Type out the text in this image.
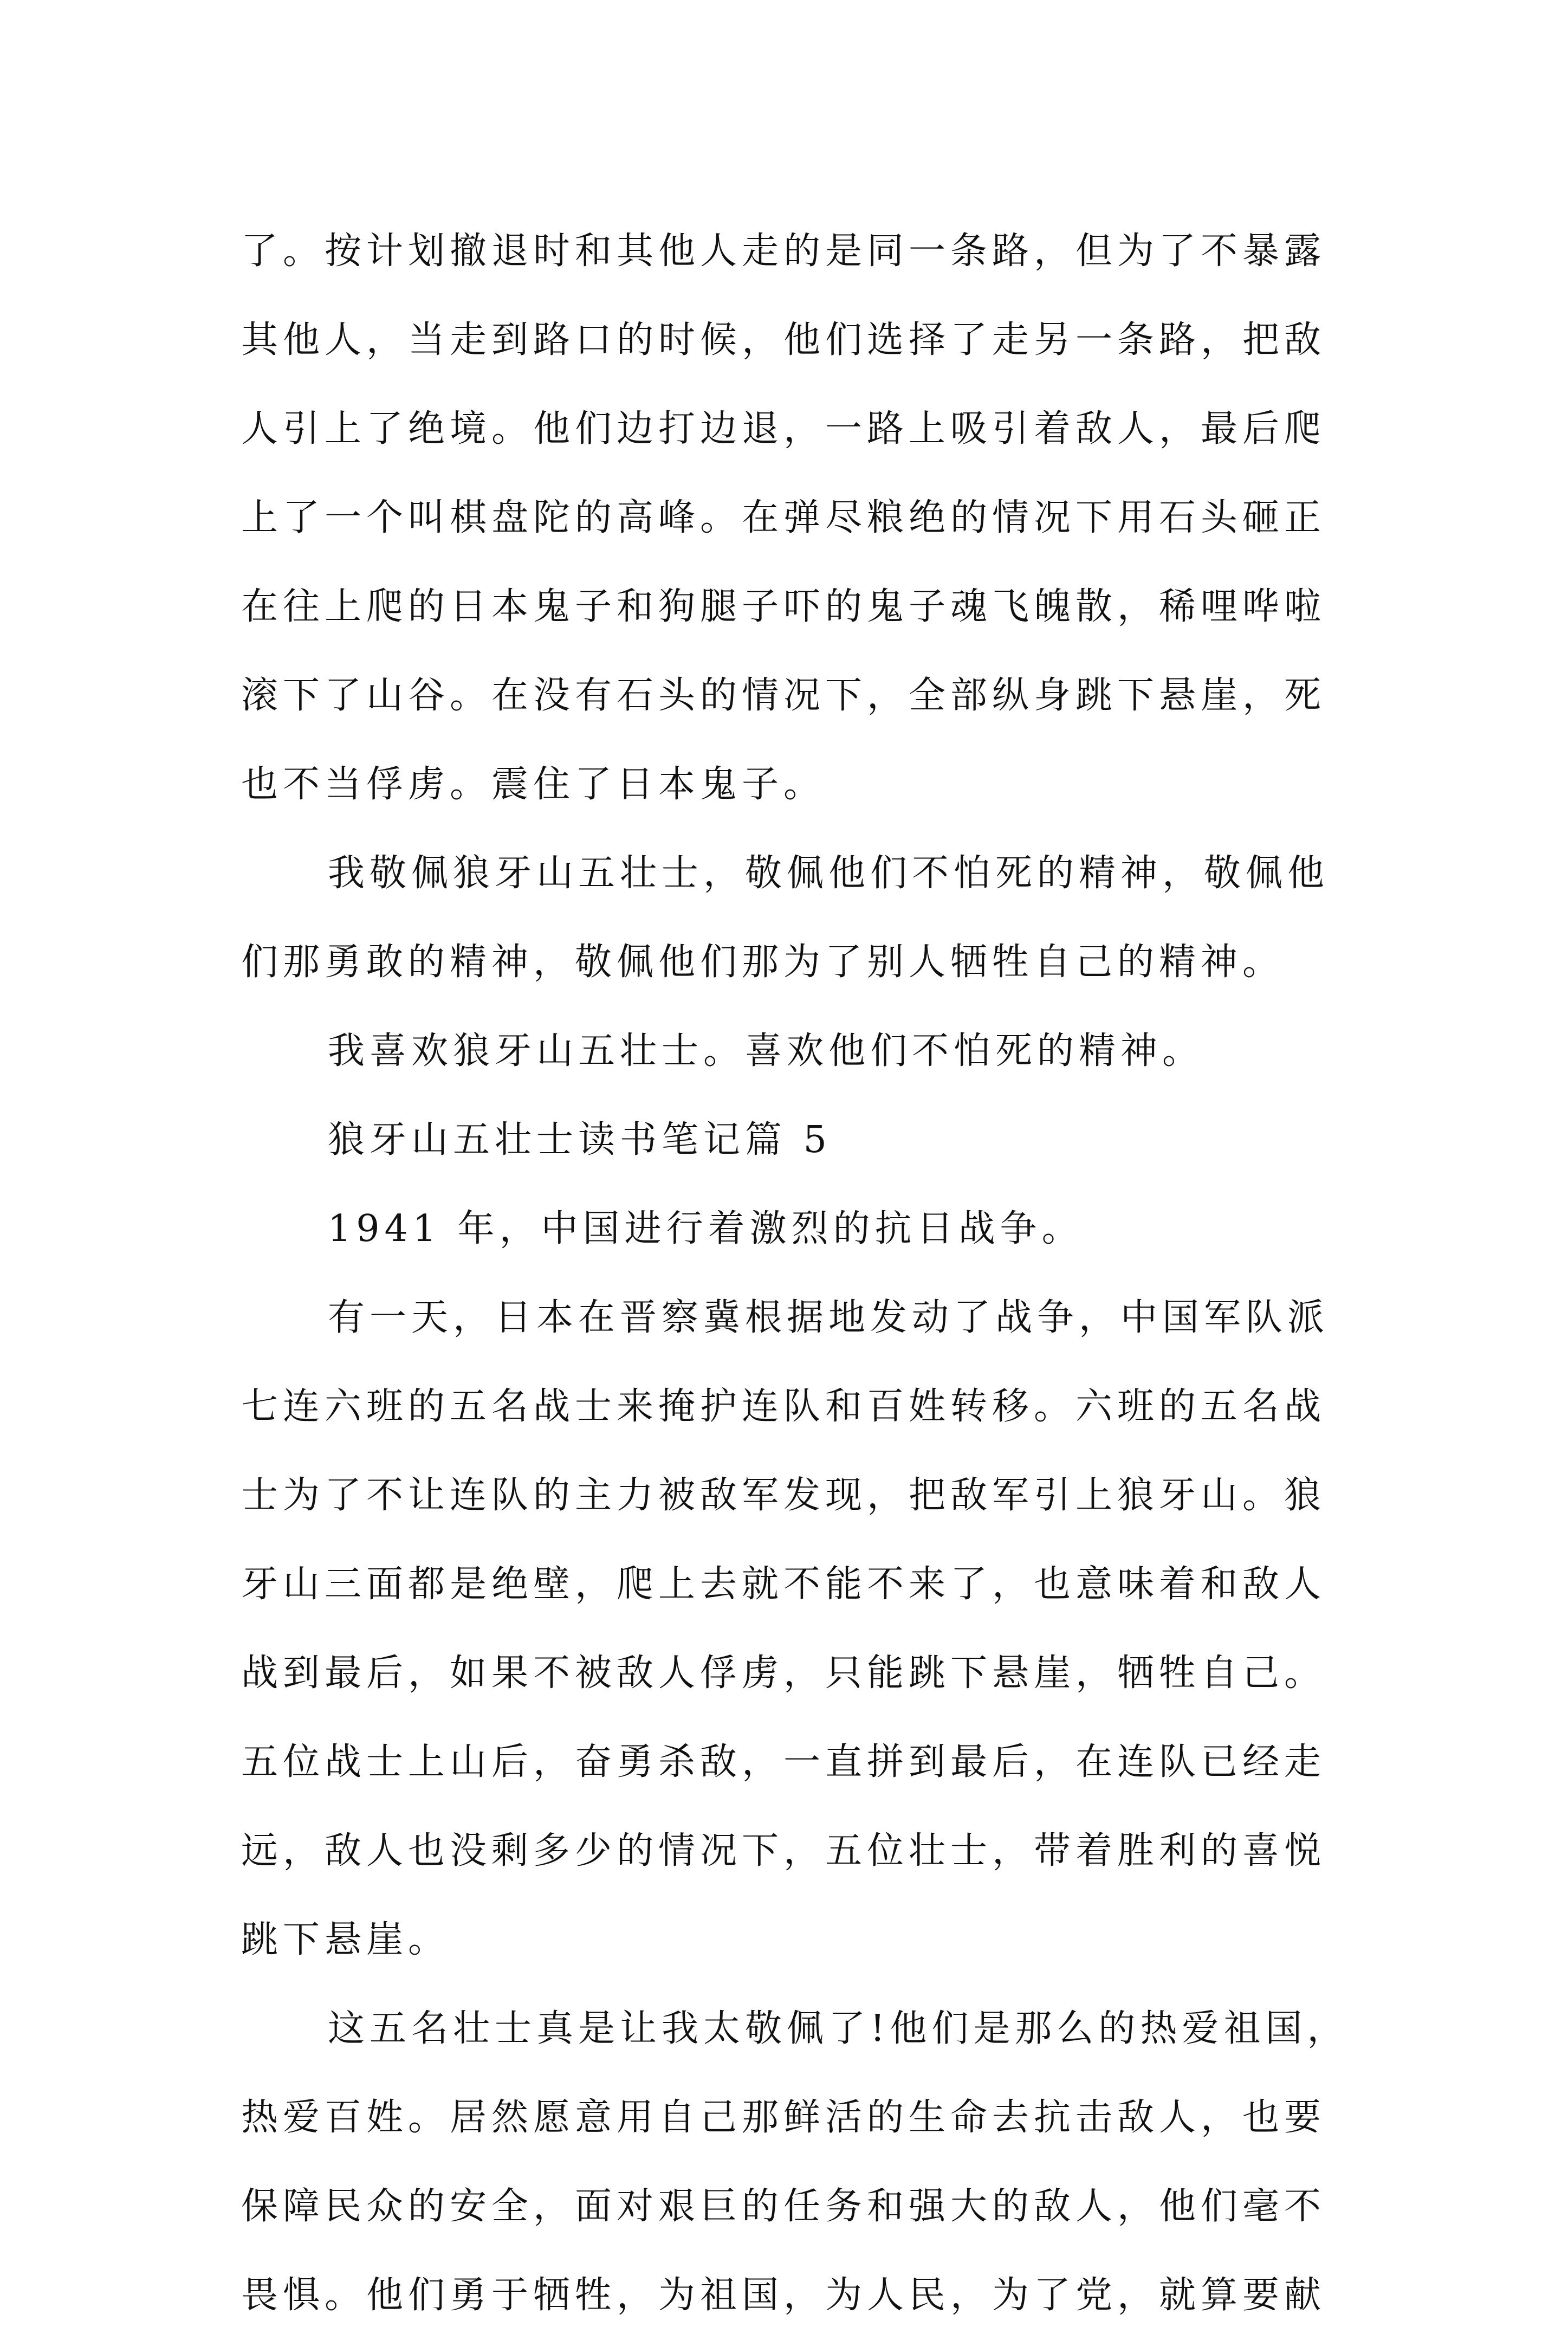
了。按计划撤退时和其他人走的是同一条路，但为了不暴露
其他人，当走到路口的时候，他们选择了走另一条路，把敌
人引上了绝境。他们边打边退，一路上吸引着敌人，最后爬
上了一个叫棋盘陀的高峰。在弹尽粮绝的情况下用石头砸正
在往上爬的日本鬼子和狗腿子吓的鬼子魂飞魄散，稀哩哗啦
滚下了山谷。在没有石头的情况下，全部纵身跳下悬崖，死
也不当俘虏。震住了日本鬼子。
我敬佩狼牙山五壮士，敬佩他们不怕死的精神，敬佩他
们那勇敢的精神，敬佩他们那为了别人牺牲自己的精神。
我喜欢狼牙山五壮士。喜欢他们不怕死的精神。
狼牙山五壮士读书笔记篇 5
1941 年，中国进行着激烈的抗日战争。
有一天，日本在晋察冀根据地发动了战争，中国军队派
七连六班的五名战士来掩护连队和百姓转移。六班的五名战
士为了不让连队的主力被敌军发现，把敌军引上狼牙山。狼
牙山三面都是绝壁，爬上去就不能不来了，也意味着和敌人
战到最后，如果不被敌人俘虏，只能跳下悬崖，牺牲自己。
五位战士上山后，奋勇杀敌，一直拼到最后，在连队已经走
远，敌人也没剩多少的情况下，五位壮士，带着胜利的喜悦
跳下悬崖。
这五名壮士真是让我太敬佩了!他们是那么的热爱祖国，
热爱百姓。居然愿意用自己那鲜活的生命去抗击敌人，也要
保障民众的安全，面对艰巨的任务和强大的敌人，他们毫不
畏惧。他们勇于牺牲，为祖国，为人民，为了党，就算要献
